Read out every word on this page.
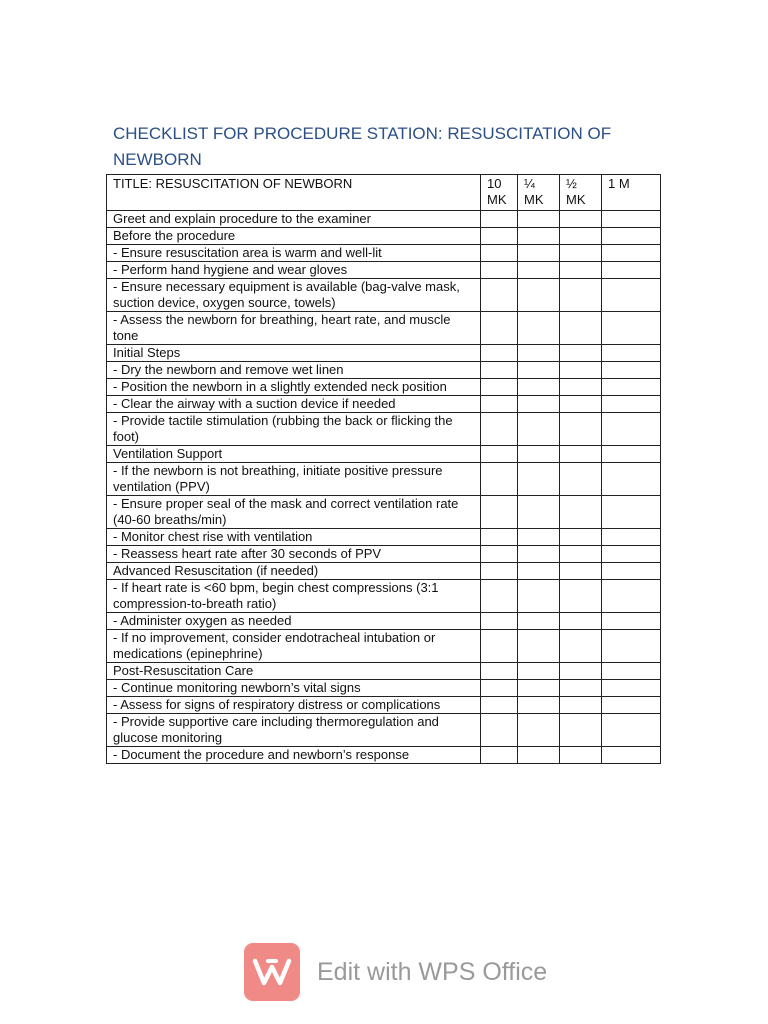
CHECKLIST FOR PROCEDURE STATION: RESUSCITATION OF NEWBORN
TITLE: RESUSCITATION OF NEWBORN	10 MK	¼ MK	½ MK	1 M
Greet and explain procedure to the examiner				
Before the procedure				
- Ensure resuscitation area is warm and well-lit				
- Perform hand hygiene and wear gloves				
- Ensure necessary equipment is available (bag-valve mask, suction device, oxygen source, towels)				
- Assess the newborn for breathing, heart rate, and muscle tone				
Initial Steps				
- Dry the newborn and remove wet linen				
- Position the newborn in a slightly extended neck position				
- Clear the airway with a suction device if needed				
- Provide tactile stimulation (rubbing the back or flicking the foot)				
Ventilation Support				
- If the newborn is not breathing, initiate positive pressure ventilation (PPV)				
- Ensure proper seal of the mask and correct ventilation rate (40-60 breaths/min)				
- Monitor chest rise with ventilation				
- Reassess heart rate after 30 seconds of PPV				
Advanced Resuscitation (if needed)				
- If heart rate is <60 bpm, begin chest compressions (3:1 compression-to-breath ratio)				
- Administer oxygen as needed				
- If no improvement, consider endotracheal intubation or medications (epinephrine)				
Post-Resuscitation Care				
- Continue monitoring newborn’s vital signs				
- Assess for signs of respiratory distress or complications				
- Provide supportive care including thermoregulation and glucose monitoring				
- Document the procedure and newborn’s response				
Edit with WPS Office
